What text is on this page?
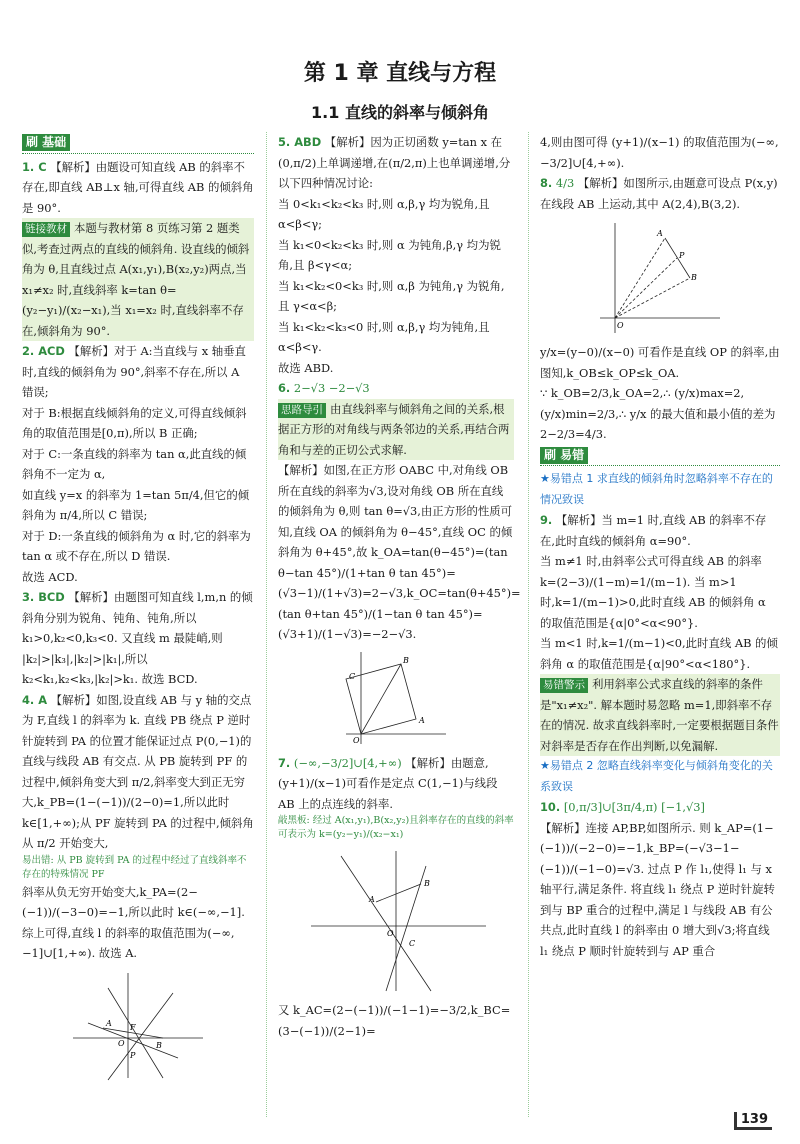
第 1 章 直线与方程
1.1 直线的斜率与倾斜角
刷 基础

1. C 【解析】由题设可知直线 AB 的斜率不存在,即直线 AB⊥x 轴,可得直线 AB 的倾斜角是 90°.

链接教材 本题与教材第 8 页练习第 2 题类似,考查过两点的直线的倾斜角. 设直线的倾斜角为 θ,且直线过点 A(x₁,y₁),B(x₂,y₂)两点,当 x₁≠x₂ 时,直线斜率 k=tan θ=(y₂−y₁)/(x₂−x₁),当 x₁=x₂ 时,直线斜率不存在,倾斜角为 90°.

2. ACD 【解析】对于 A:当直线与 x 轴垂直时,直线的倾斜角为 90°,斜率不存在,所以 A 错误;

对于 B:根据直线倾斜角的定义,可得直线倾斜角的取值范围是[0,π),所以 B 正确;

对于 C:一条直线的斜率为 tan α,此直线的倾斜角不一定为 α,

如直线 y=x 的斜率为 1=tan 5π/4,但它的倾斜角为 π/4,所以 C 错误;

对于 D:一条直线的倾斜角为 α 时,它的斜率为 tan α 或不存在,所以 D 错误.

故选 ACD.

3. BCD 【解析】由题图可知直线 l,m,n 的倾斜角分别为锐角、钝角、钝角,所以 k₁>0,k₂<0,k₃<0. 又直线 m 最陡峭,则 |k₂|>|k₃|,|k₂|>|k₁|,所以 k₂<k₁,k₂<k₃,|k₂|>k₁. 故选 BCD.

4. A 【解析】如图,设直线 AB 与 y 轴的交点为 F,直线 l 的斜率为 k. 直线 PB 绕点 P 逆时针旋转到 PA 的位置才能保证过点 P(0,−1)的直线与线段 AB 有交点. 从 PB 旋转到 PF 的过程中,倾斜角变大到 π/2,斜率变大到正无穷大,k_PB=(1−(−1))/(2−0)=1,所以此时 k∈[1,+∞);从 PF 旋转到 PA 的过程中,倾斜角从 π/2 开始变大,

易出错: 从 PB 旋转到 PA 的过程中经过了直线斜率不存在的特殊情况 PF

斜率从负无穷开始变大,k_PA=(2−(−1))/(−3−0)=−1,所以此时 k∈(−∞,−1]. 综上可得,直线 l 的斜率的取值范围为(−∞,−1]∪[1,+∞). 故选 A.

A F
B
P
O

5. ABD 【解析】因为正切函数 y=tan x 在(0,π/2)上单调递增,在(π/2,π)上也单调递增,分以下四种情况讨论:

当 0<k₁<k₂<k₃ 时,则 α,β,γ 均为锐角,且 α<β<γ;

当 k₁<0<k₂<k₃ 时,则 α 为钝角,β,γ 均为锐角,且 β<γ<α;

当 k₁<k₂<0<k₃ 时,则 α,β 为钝角,γ 为锐角,且 γ<α<β;

当 k₁<k₂<k₃<0 时,则 α,β,γ 均为钝角,且 α<β<γ.

故选 ABD.

6. 2−√3 −2−√3

思路导引 由直线斜率与倾斜角之间的关系,根据正方形的对角线与两条邻边的关系,再结合两角和与差的正切公式求解.

【解析】如图,在正方形 OABC 中,对角线 OB 所在直线的斜率为√3,设对角线 OB 所在直线的倾斜角为 θ,则 tan θ=√3,由正方形的性质可知,直线 OA 的倾斜角为 θ−45°,直线 OC 的倾斜角为 θ+45°,故 k_OA=tan(θ−45°)=(tan θ−tan 45°)/(1+tan θ tan 45°)=(√3−1)/(1+√3)=2−√3,k_OC=tan(θ+45°)=(tan θ+tan 45°)/(1−tan θ tan 45°)=(√3+1)/(1−√3)=−2−√3.

A
B
C
O

7. (−∞,−3/2]∪[4,+∞) 【解析】由题意,(y+1)/(x−1)可看作是定点 C(1,−1)与线段 AB 上的点连线的斜率.

敲黑板: 经过 A(x₁,y₁),B(x₂,y₂)且斜率存在的直线的斜率可表示为 k=(y₂−y₁)/(x₂−x₁)

A
B
C
O

又 k_AC=(2−(−1))/(−1−1)=−3/2,k_BC=(3−(−1))/(2−1)=

4,则由图可得 (y+1)/(x−1) 的取值范围为(−∞,−3/2]∪[4,+∞).

8. 4/3 【解析】如图所示,由题意可设点 P(x,y)在线段 AB 上运动,其中 A(2,4),B(3,2).

A
P
B
O

y/x=(y−0)/(x−0) 可看作是直线 OP 的斜率,由图知,k_OB≤k_OP≤k_OA.

∵ k_OB=2/3,k_OA=2,∴ (y/x)max=2,(y/x)min=2/3,∴ y/x 的最大值和最小值的差为 2−2/3=4/3.

刷 易错

★易错点 1 求直线的倾斜角时忽略斜率不存在的情况致误

9. 【解析】当 m=1 时,直线 AB 的斜率不存在,此时直线的倾斜角 α=90°.

当 m≠1 时,由斜率公式可得直线 AB 的斜率 k=(2−3)/(1−m)=1/(m−1). 当 m>1 时,k=1/(m−1)>0,此时直线 AB 的倾斜角 α 的取值范围是{α|0°<α<90°}.

当 m<1 时,k=1/(m−1)<0,此时直线 AB 的倾斜角 α 的取值范围是{α|90°<α<180°}.

易错警示 利用斜率公式求直线的斜率的条件是"x₁≠x₂". 解本题时易忽略 m=1,即斜率不存在的情况. 故求直线斜率时,一定要根据题目条件对斜率是否存在作出判断,以免漏解.

★易错点 2 忽略直线斜率变化与倾斜角变化的关系致误

10. [0,π/3]∪[3π/4,π) [−1,√3]

【解析】连接 AP,BP,如图所示. 则 k_AP=(1−(−1))/(−2−0)=−1,k_BP=(−√3−1−(−1))/(−1−0)=√3. 过点 P 作 l₁,使得 l₁ 与 x 轴平行,满足条件. 将直线 l₁ 绕点 P 逆时针旋转到与 BP 重合的过程中,满足 l 与线段 AB 有公共点,此时直线 l 的斜率由 0 增大到√3;将直线 l₁ 绕点 P 顺时针旋转到与 AP 重合

139
